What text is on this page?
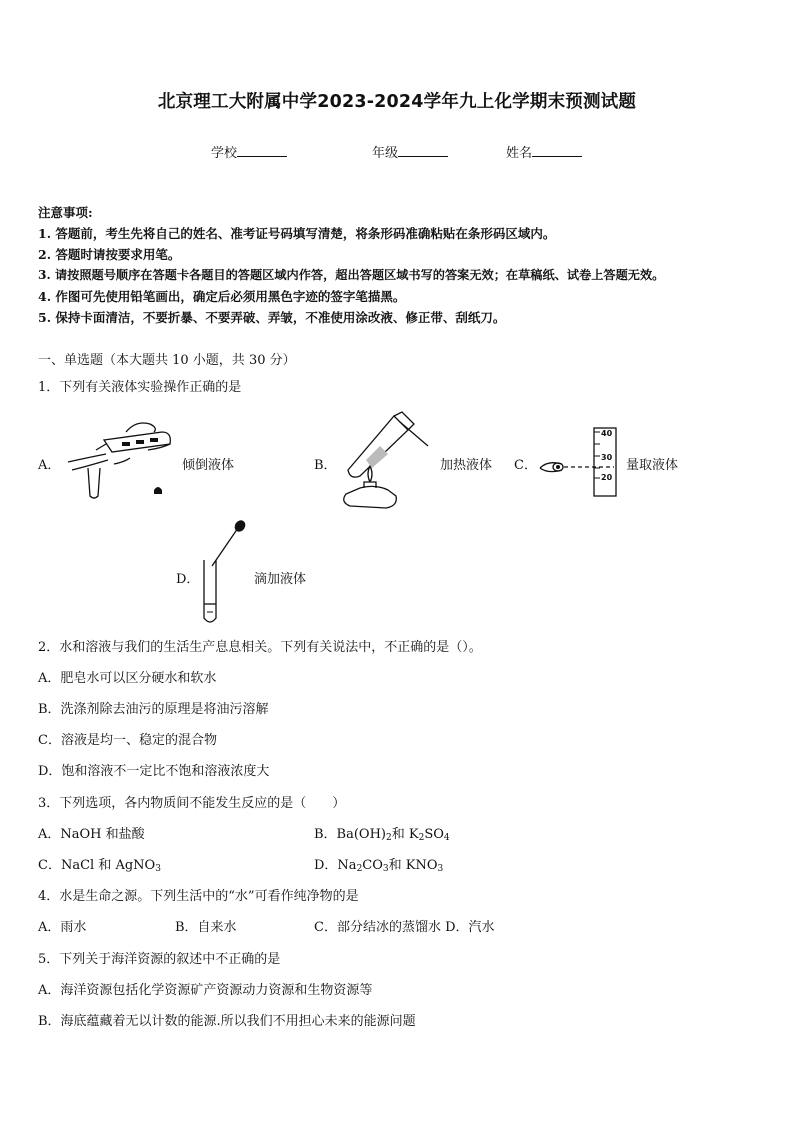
北京理工大附属中学2023-2024学年九上化学期末预测试题
学校	年级	姓名
注意事项:
1. 答题前，考生先将自己的姓名、准考证号码填写清楚，将条形码准确粘贴在条形码区域内。
2. 答题时请按要求用笔。
3. 请按照题号顺序在答题卡各题目的答题区域内作答，超出答题区域书写的答案无效；在草稿纸、试卷上答题无效。
4. 作图可先使用铅笔画出，确定后必须用黑色字迹的签字笔描黑。
5. 保持卡面清洁，不要折暴、不要弄破、弄皱，不准使用涂改液、修正带、刮纸刀。
一、单选题（本大题共 10 小题，共 30 分）
1．下列有关液体实验操作正确的是
A．	倾倒液体	B．	加热液体 C．
40
30
20
量取液体
D．	滴加液体
2．水和溶液与我们的生活生产息息相关。下列有关说法中，不正确的是（）。
A．肥皂水可以区分硬水和软水
B．洗涤剂除去油污的原理是将油污溶解
C．溶液是均一、稳定的混合物
D．饱和溶液不一定比不饱和溶液浓度大
3．下列选项，各内物质间不能发生反应的是（　　）
A．NaOH 和盐酸	B．$Ba(OH)_2$和 $K_2SO_4$
C．NaCl 和 AgNO$_3$	D．$Na_2CO_3$和 $KNO_3$
4．水是生命之源。下列生活中的“水”可看作纯净物的是
A．雨水	B．自来水	C．部分结冰的蒸馏水 D．汽水
5．下列关于海洋资源的叙述中不正确的是
A．海洋资源包括化学资源矿产资源动力资源和生物资源等
B．海底蕴藏着无以计数的能源.所以我们不用担心未来的能源问题
